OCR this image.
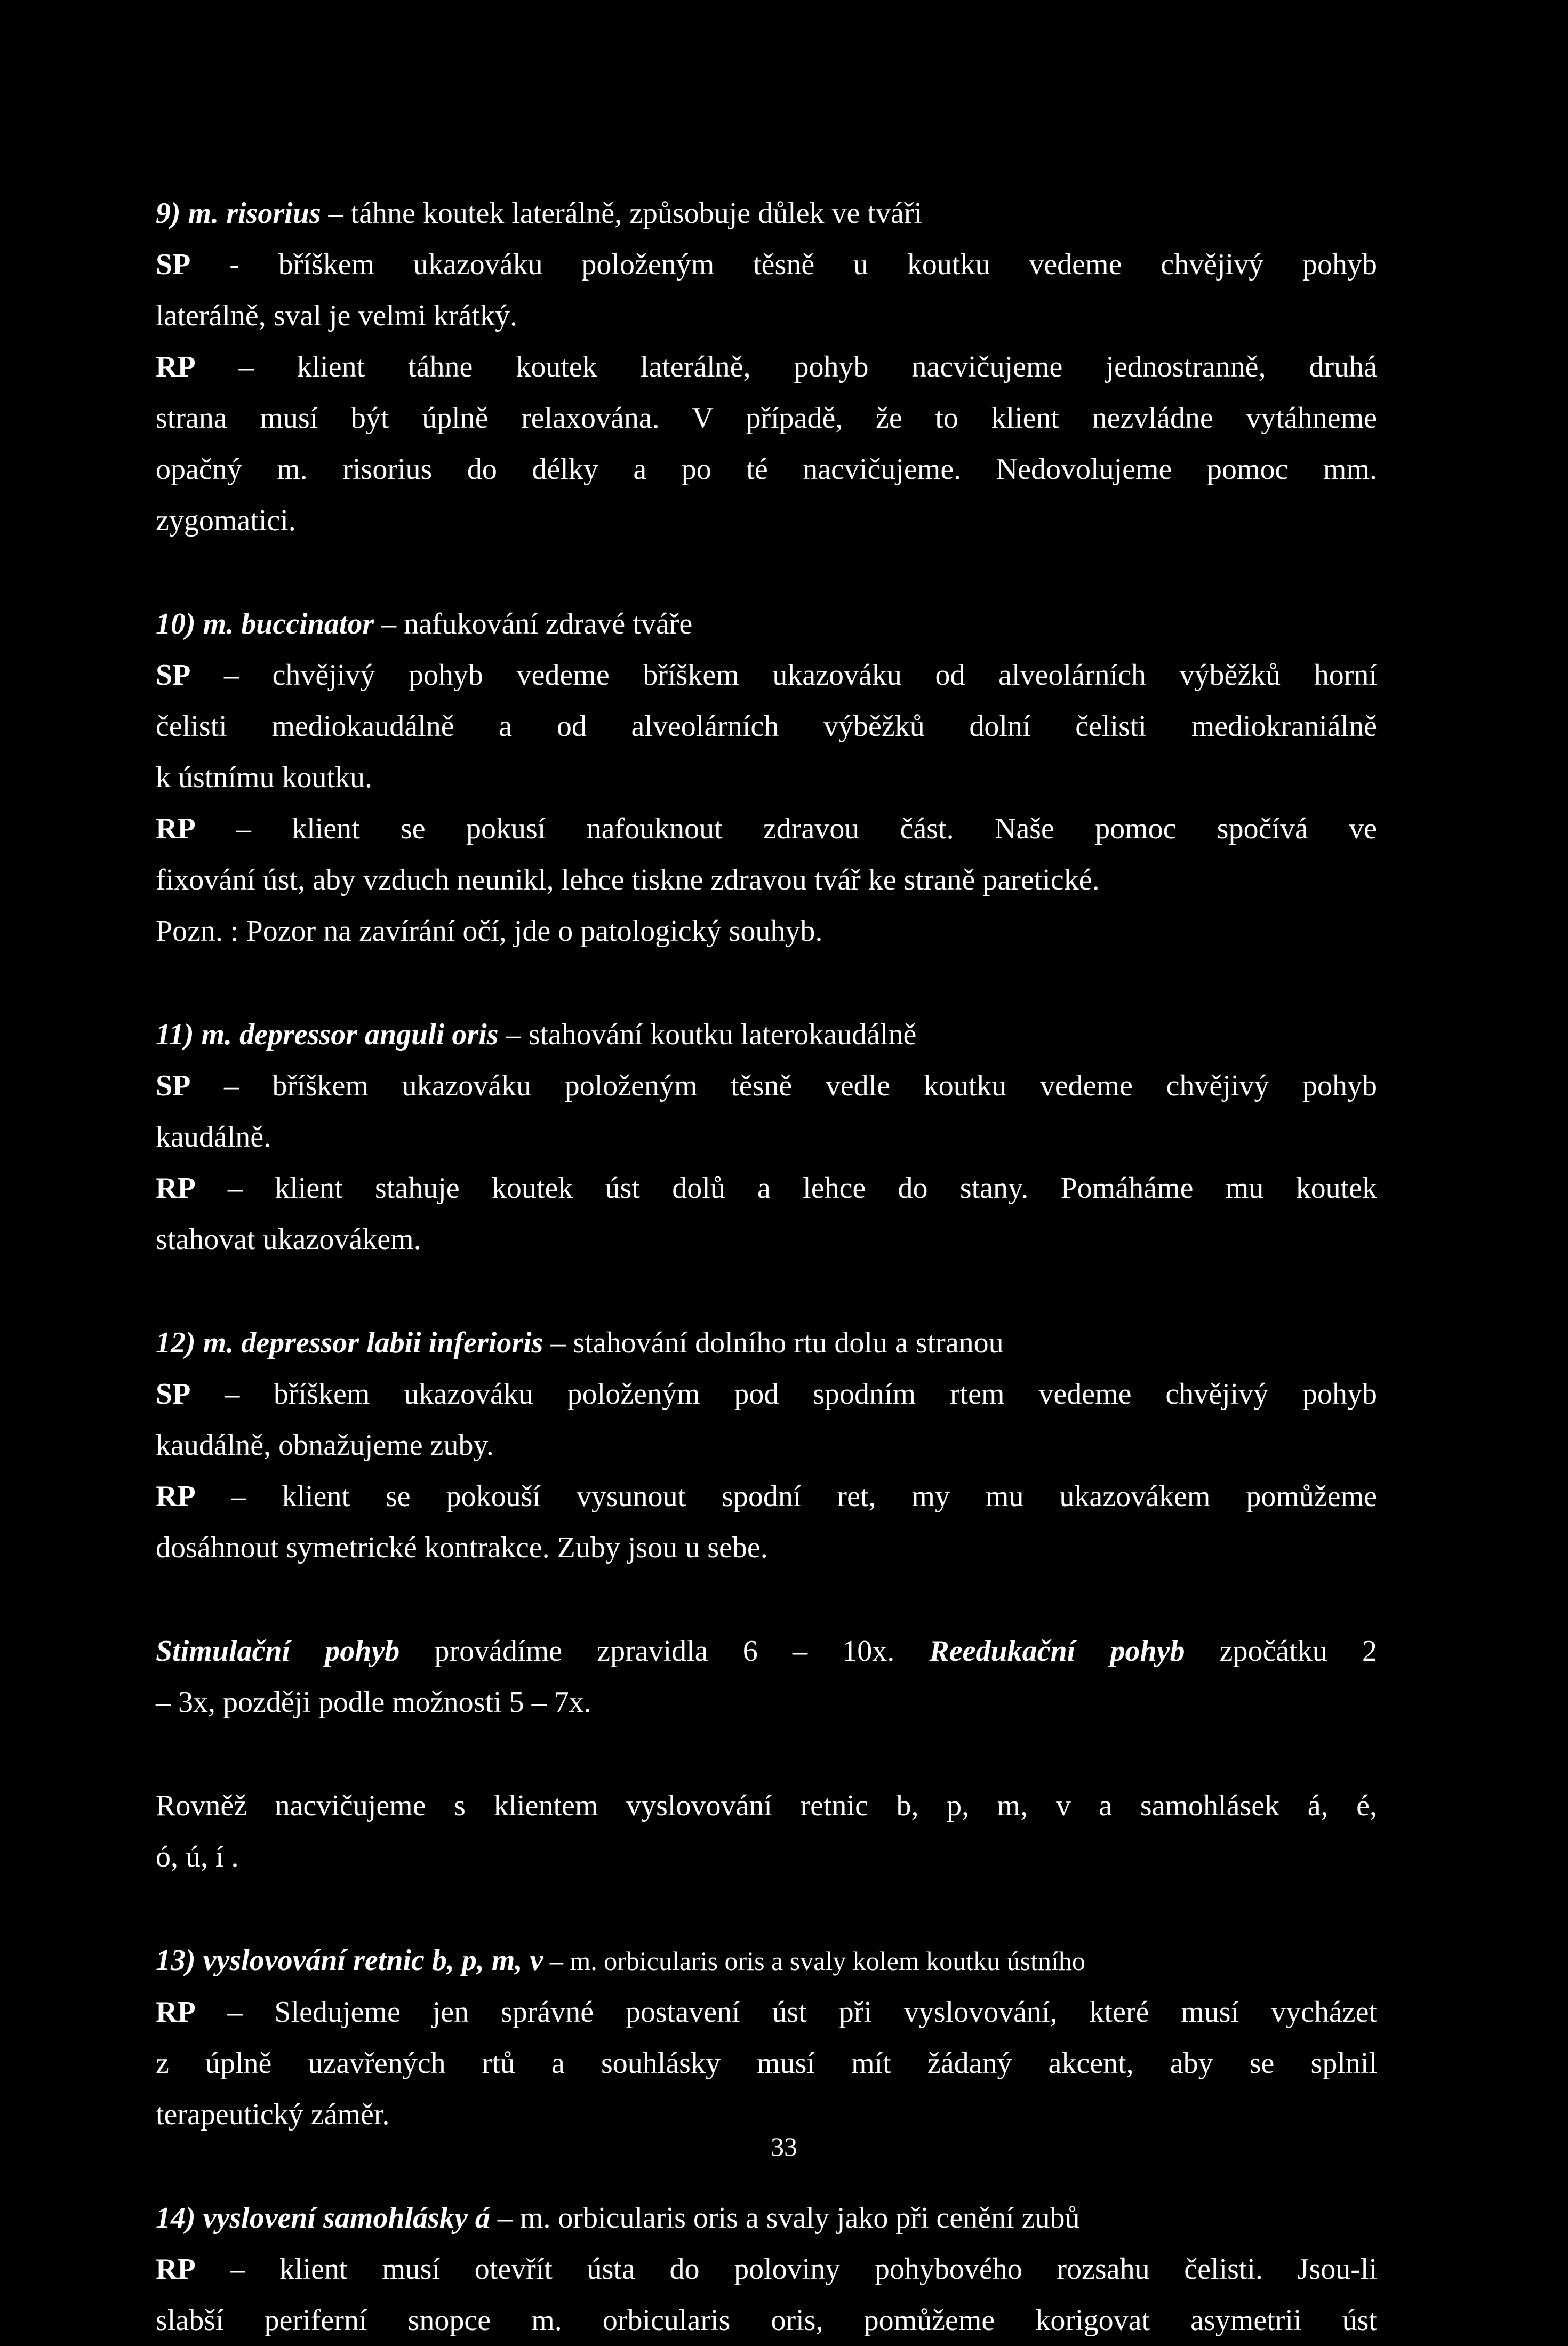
9) m. risorius – táhne koutek laterálně, způsobuje důlek ve tváři

SP - bříškem ukazováku položeným těsně u koutku vedeme chvějivý pohyb

laterálně, sval je velmi krátký.

RP – klient táhne koutek laterálně, pohyb nacvičujeme jednostranně, druhá

strana musí být úplně relaxována. V případě, že to klient nezvládne vytáhneme

opačný m. risorius do délky a po té nacvičujeme. Nedovolujeme pomoc mm.

zygomatici.

10) m. buccinator – nafukování zdravé tváře

SP – chvějivý pohyb vedeme bříškem ukazováku od alveolárních výběžků horní

čelisti mediokaudálně a od alveolárních výběžků dolní čelisti mediokraniálně

k ústnímu koutku.

RP – klient se pokusí nafouknout zdravou část. Naše pomoc spočívá ve

fixování úst, aby vzduch neunikl, lehce tiskne zdravou tvář ke straně paretické.

Pozn. : Pozor na zavírání očí, jde o patologický souhyb.

11) m. depressor anguli oris – stahování koutku laterokaudálně

SP – bříškem ukazováku položeným těsně vedle koutku vedeme chvějivý pohyb

kaudálně.

RP – klient stahuje koutek úst dolů a lehce do stany. Pomáháme mu koutek

stahovat ukazovákem.

12) m. depressor labii inferioris – stahování dolního rtu dolu a stranou

SP – bříškem ukazováku položeným pod spodním rtem vedeme chvějivý pohyb

kaudálně, obnažujeme zuby.

RP – klient se pokouší vysunout spodní ret, my mu ukazovákem pomůžeme

dosáhnout symetrické kontrakce. Zuby jsou u sebe.

Stimulační pohyb provádíme zpravidla 6 – 10x. Reedukační pohyb zpočátku 2

– 3x, později podle možnosti 5 – 7x.

Rovněž nacvičujeme s klientem vyslovování retnic b, p, m, v a samohlásek á, é,

ó, ú, í .

13) vyslovování retnic b, p, m, v – m. orbicularis oris a svaly kolem koutku ústního

RP – Sledujeme jen správné postavení úst při vyslovování, které musí vycházet

z úplně uzavřených rtů a souhlásky musí mít žádaný akcent, aby se splnil

terapeutický záměr.

14) vyslovení samohlásky á – m. orbicularis oris a svaly jako při cenění zubů

RP – klient musí otevřít ústa do poloviny pohybového rozsahu čelisti. Jsou-li

slabší periferní snopce m. orbicularis oris, pomůžeme korigovat asymetrii úst

33
